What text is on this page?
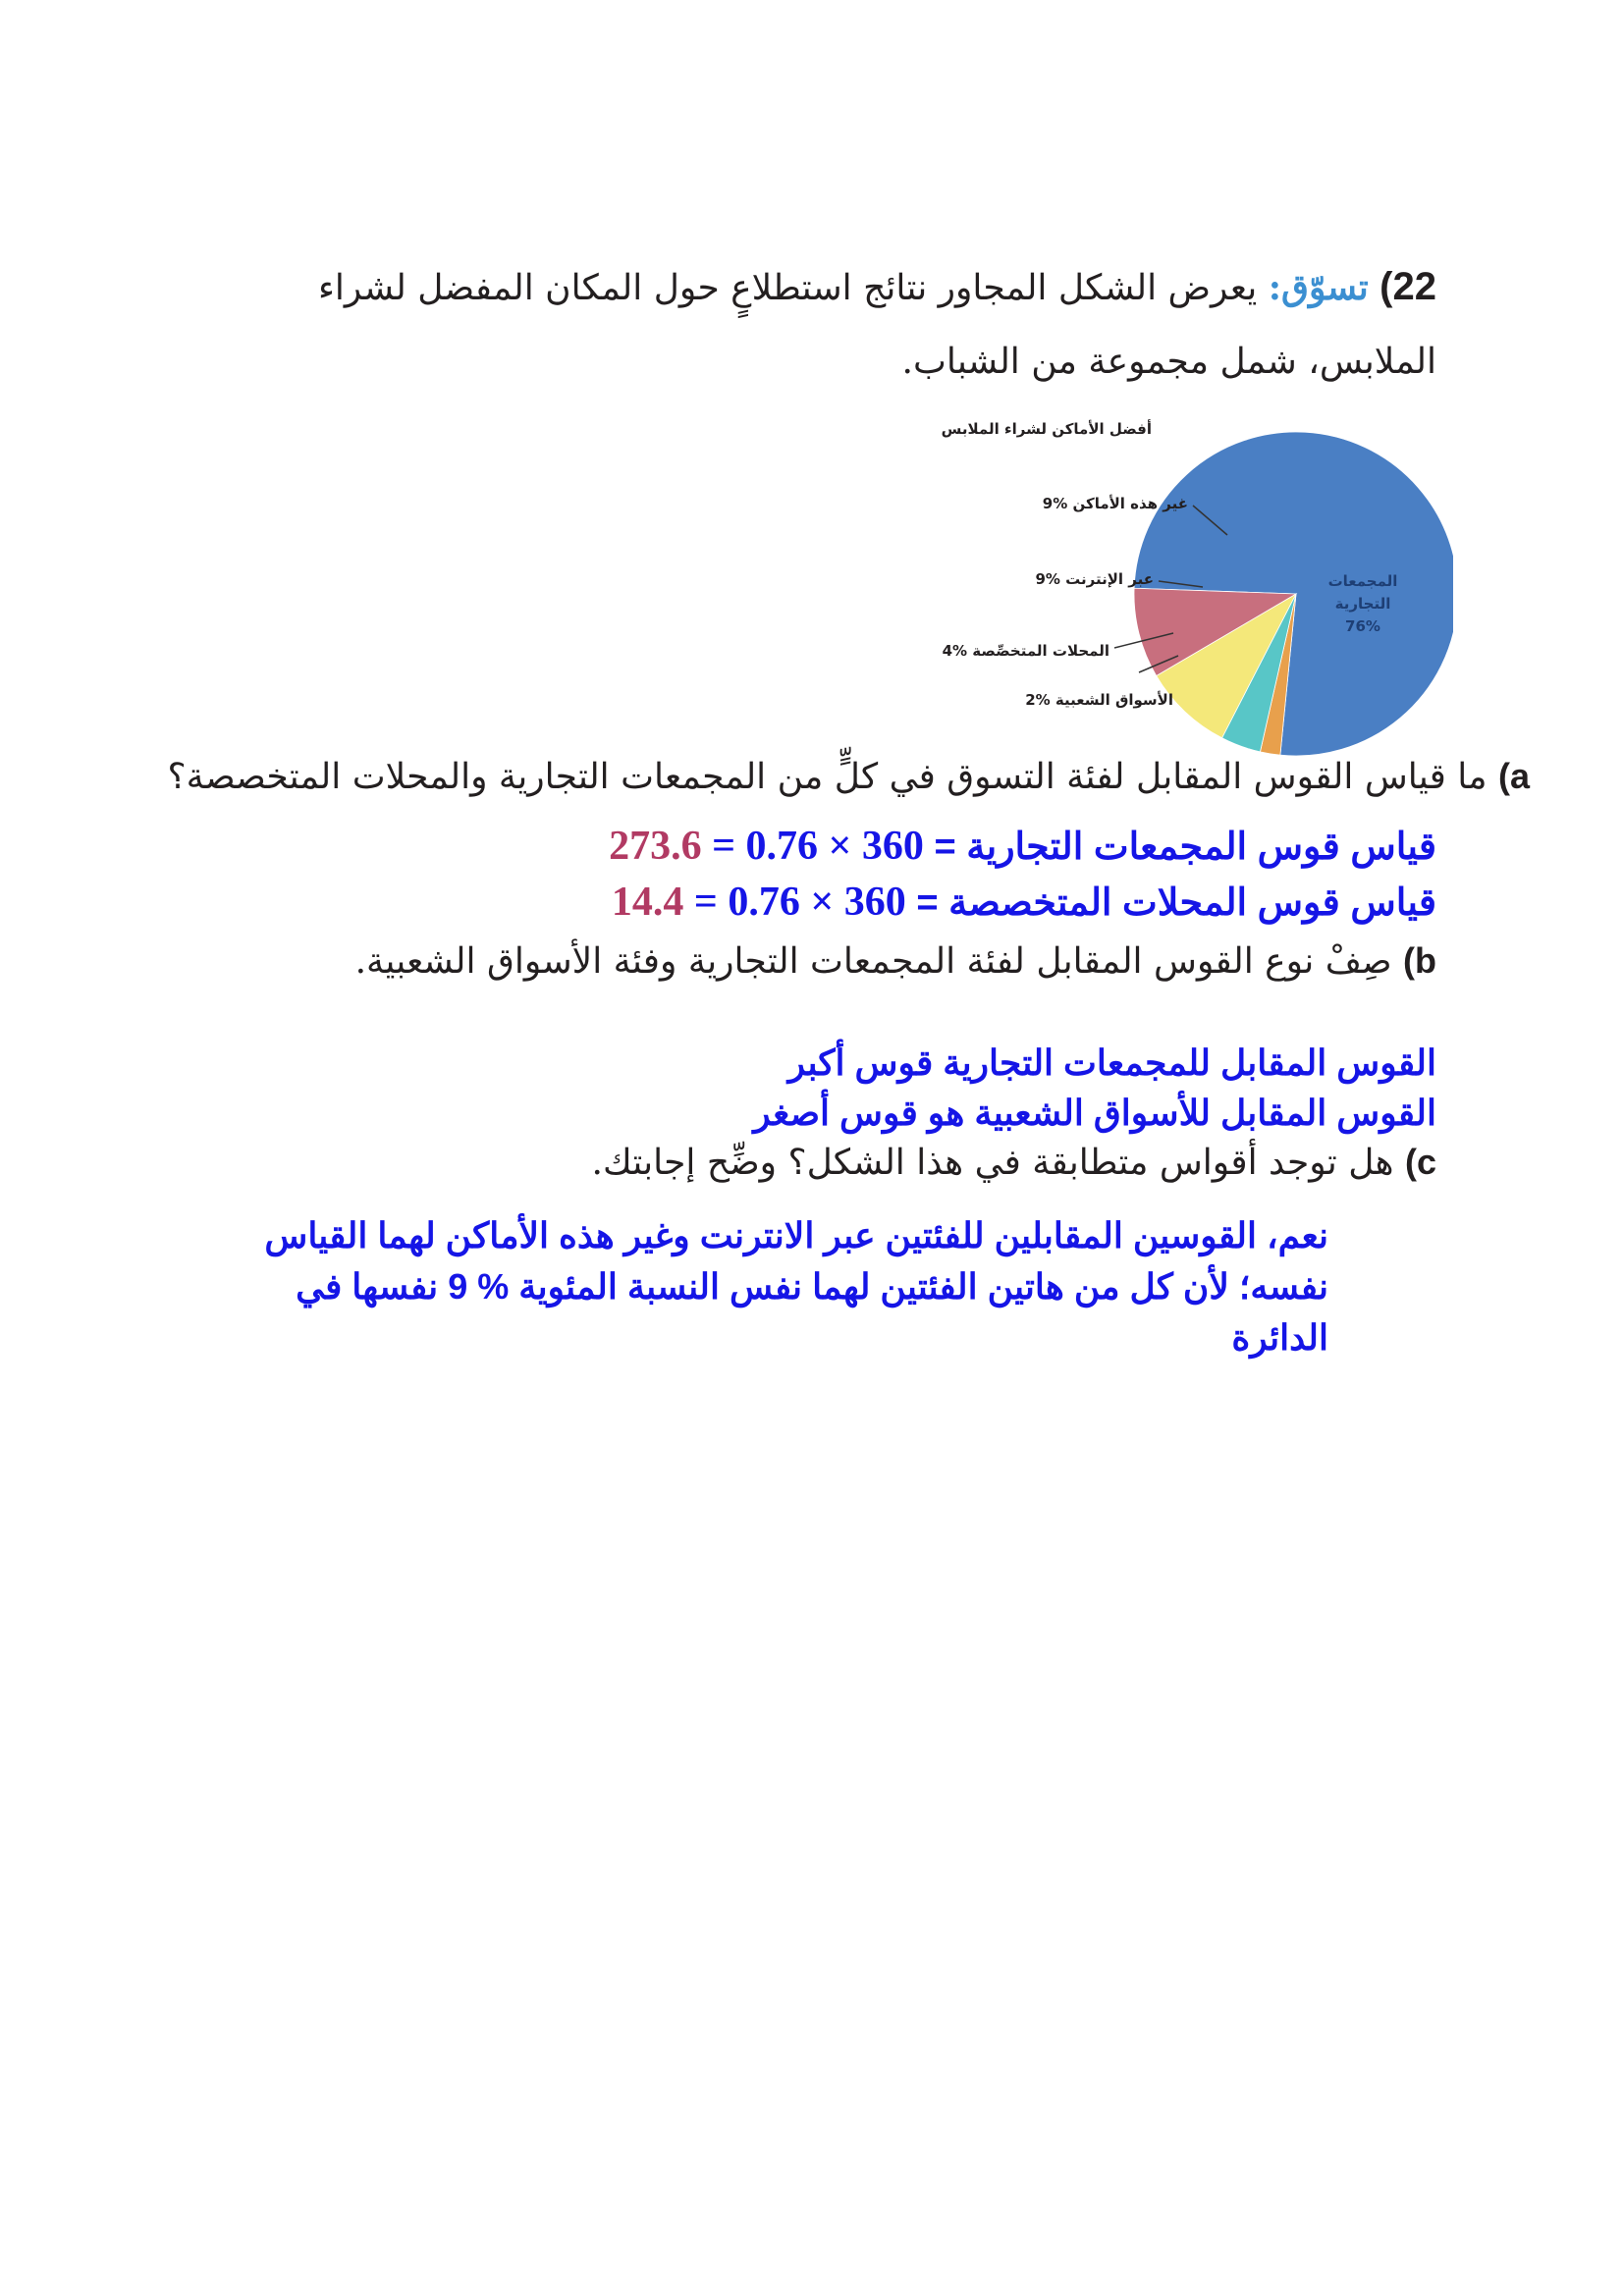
22) تسوّق: يعرض الشكل المجاور نتائج استطلاعٍ حول المكان المفضل لشراء
الملابس، شمل مجموعة من الشباب.
أفضل الأماكن لشراء الملابس
غير هذه الأماكن %9
عبر الإنترنت %9
المحلات المتخصِّصة %4
الأسواق الشعبية %2
المجمعات
التجارية
76%
a) ما قياس القوس المقابل لفئة التسوق في كلٍّ من المجمعات التجارية والمحلات المتخصصة؟
قياس قوس المجمعات التجارية = 273.6 = 0.76 × 360
قياس قوس المحلات المتخصصة = 14.4 = 0.76 × 360
b) صِفْ نوع القوس المقابل لفئة المجمعات التجارية وفئة الأسواق الشعبية.
القوس المقابل للمجمعات التجارية قوس أكبر
القوس المقابل للأسواق الشعبية هو قوس أصغر
c) هل توجد أقواس متطابقة في هذا الشكل؟ وضِّح إجابتك.
نعم، القوسين المقابلين للفئتين عبر الانترنت وغير هذه الأماكن لهما القياس
نفسه؛ لأن كل من هاتين الفئتين لهما نفس النسبة المئوية % 9 نفسها في
الدائرة
